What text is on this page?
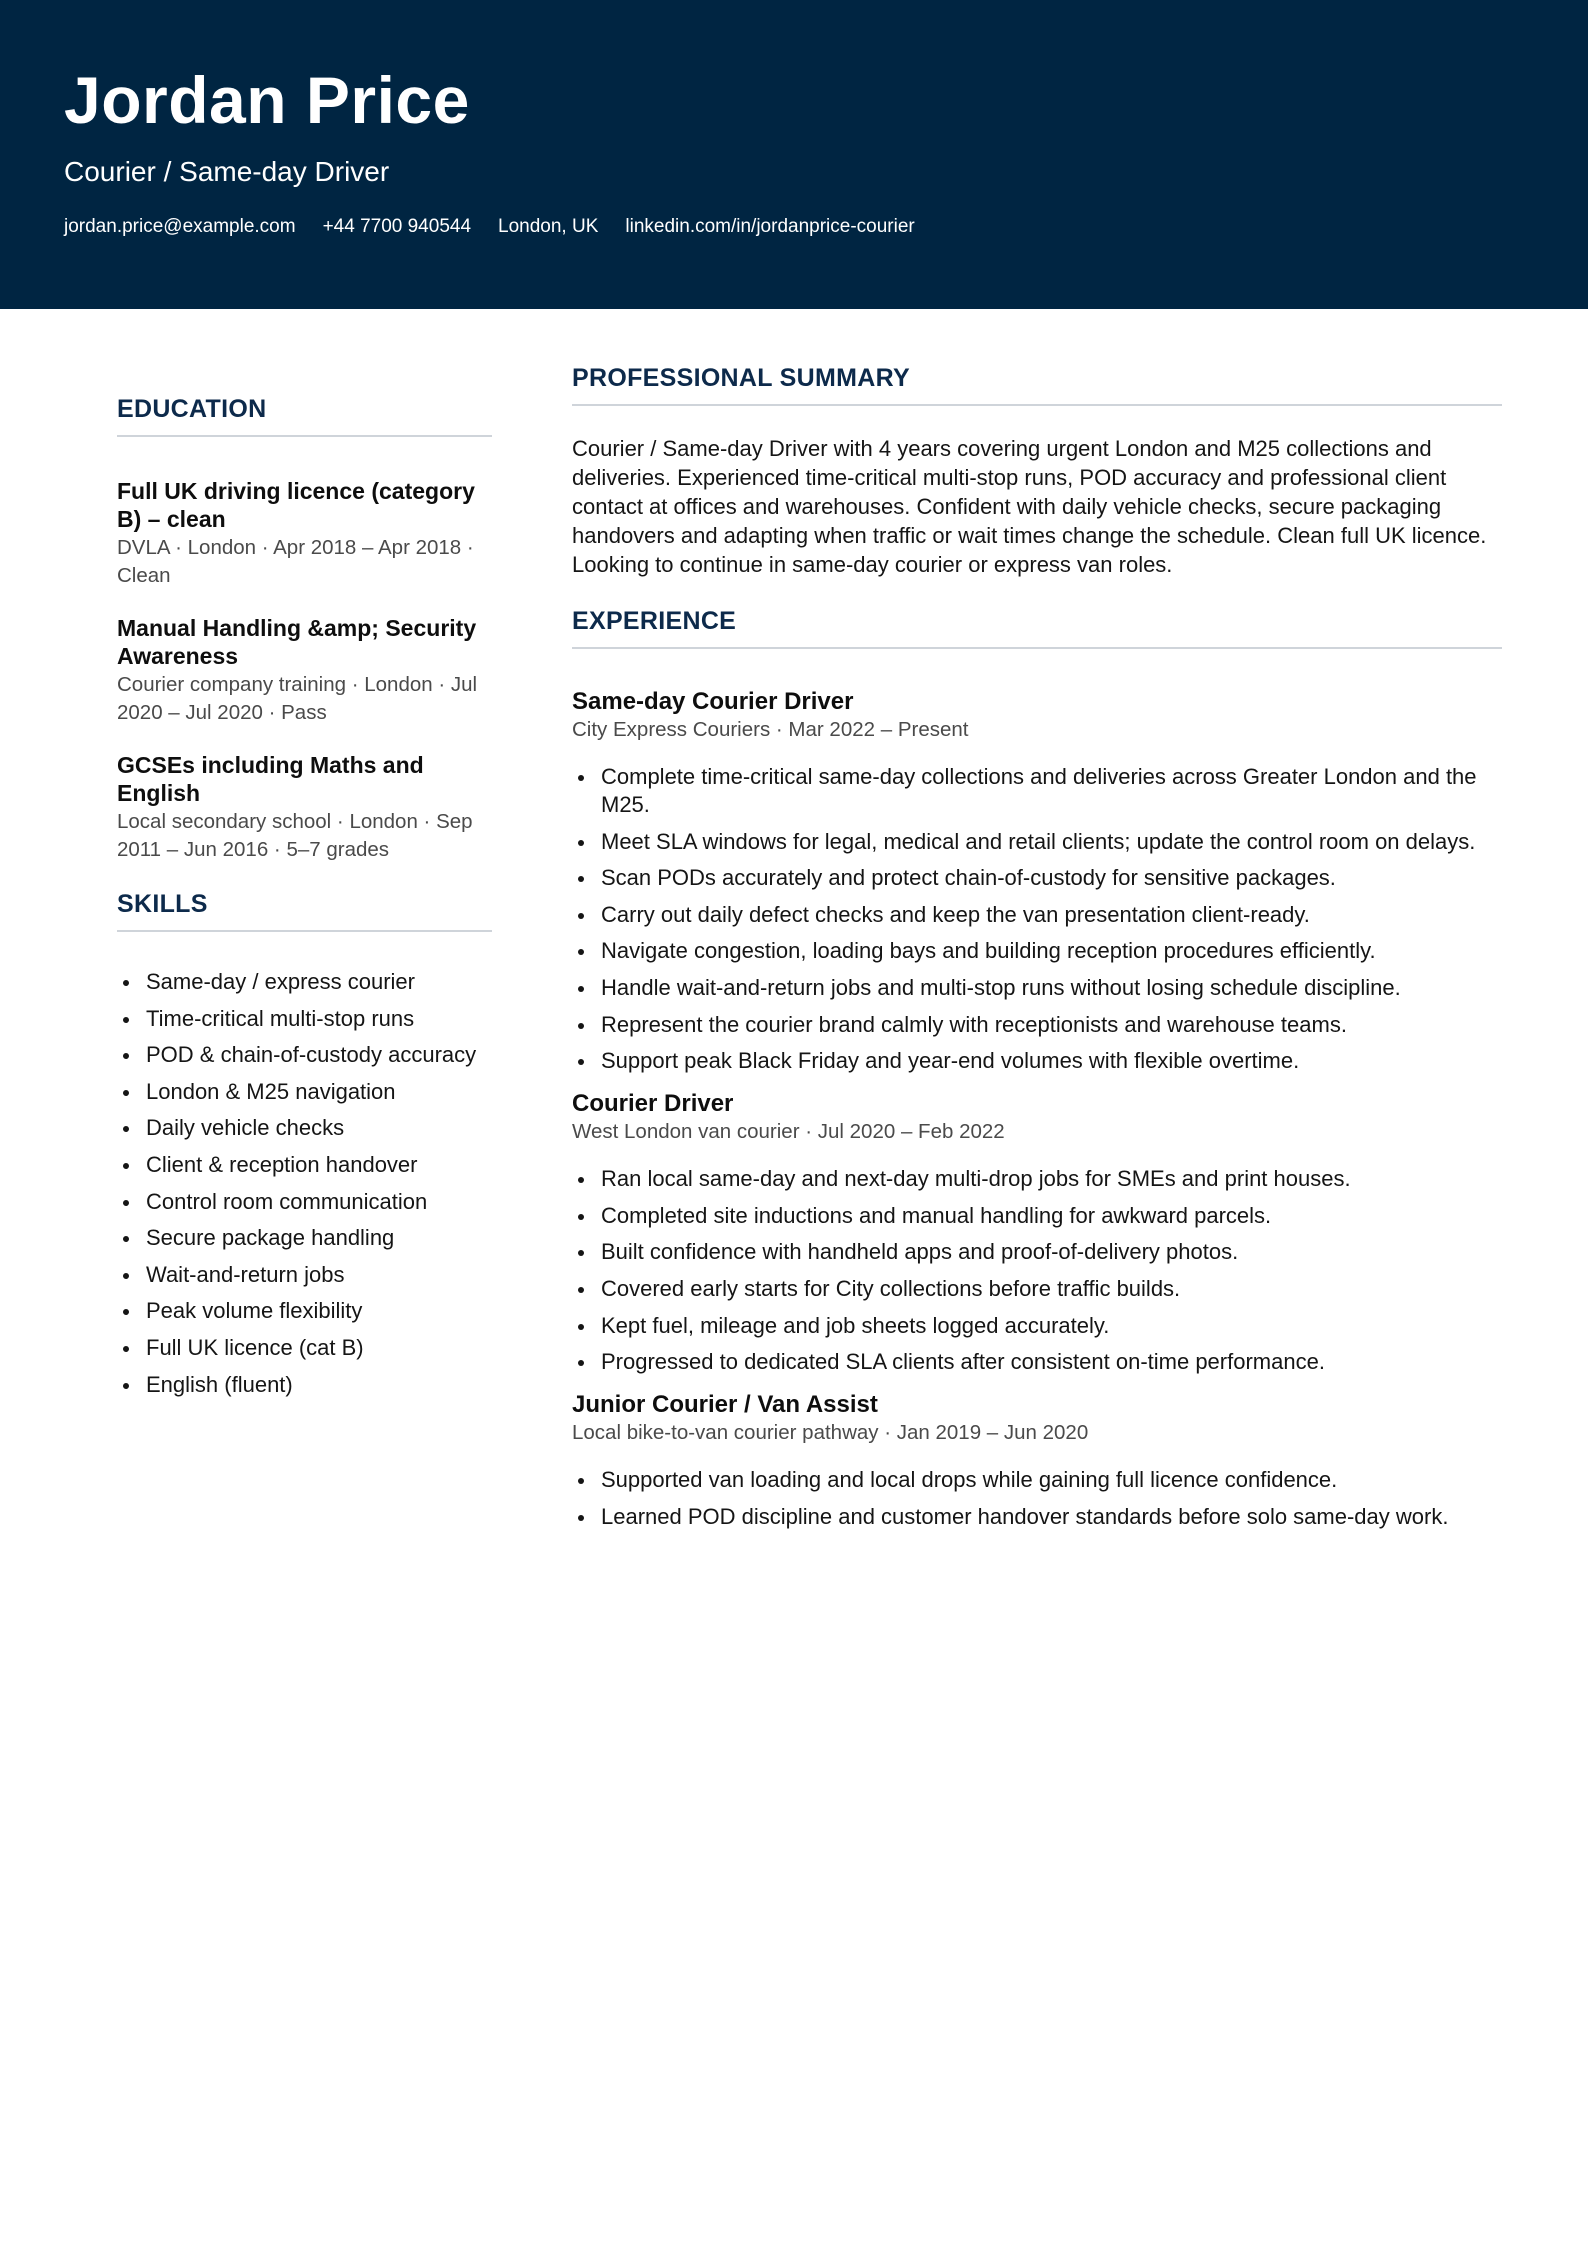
Jordan Price
Courier / Same-day Driver
jordan.price@example.com +44 7700 940544 London, UK linkedin.com/in/jordanprice-courier
EDUCATION
Full UK driving licence (category B) – clean
DVLA · London · Apr 2018 – Apr 2018 · Clean
Manual Handling &amp; Security Awareness
Courier company training · London · Jul 2020 – Jul 2020 · Pass
GCSEs including Maths and English
Local secondary school · London · Sep 2011 – Jun 2016 · 5–7 grades
SKILLS
Same-day / express courier
Time-critical multi-stop runs
POD & chain-of-custody accuracy
London & M25 navigation
Daily vehicle checks
Client & reception handover
Control room communication
Secure package handling
Wait-and-return jobs
Peak volume flexibility
Full UK licence (cat B)
English (fluent)
PROFESSIONAL SUMMARY

Courier / Same-day Driver with 4 years covering urgent London and M25 collections and deliveries. Experienced time-critical multi-stop runs, POD accuracy and professional client contact at offices and warehouses. Confident with daily vehicle checks, secure packaging handovers and adapting when traffic or wait times change the schedule. Clean full UK licence. Looking to continue in same-day courier or express van roles.

EXPERIENCE
Same-day Courier Driver
City Express Couriers · Mar 2022 – Present
Complete time-critical same-day collections and deliveries across Greater London and the M25.
Meet SLA windows for legal, medical and retail clients; update the control room on delays.
Scan PODs accurately and protect chain-of-custody for sensitive packages.
Carry out daily defect checks and keep the van presentation client-ready.
Navigate congestion, loading bays and building reception procedures efficiently.
Handle wait-and-return jobs and multi-stop runs without losing schedule discipline.
Represent the courier brand calmly with receptionists and warehouse teams.
Support peak Black Friday and year-end volumes with flexible overtime.
Courier Driver
West London van courier · Jul 2020 – Feb 2022
Ran local same-day and next-day multi-drop jobs for SMEs and print houses.
Completed site inductions and manual handling for awkward parcels.
Built confidence with handheld apps and proof-of-delivery photos.
Covered early starts for City collections before traffic builds.
Kept fuel, mileage and job sheets logged accurately.
Progressed to dedicated SLA clients after consistent on-time performance.
Junior Courier / Van Assist
Local bike-to-van courier pathway · Jan 2019 – Jun 2020
Supported van loading and local drops while gaining full licence confidence.
Learned POD discipline and customer handover standards before solo same-day work.
